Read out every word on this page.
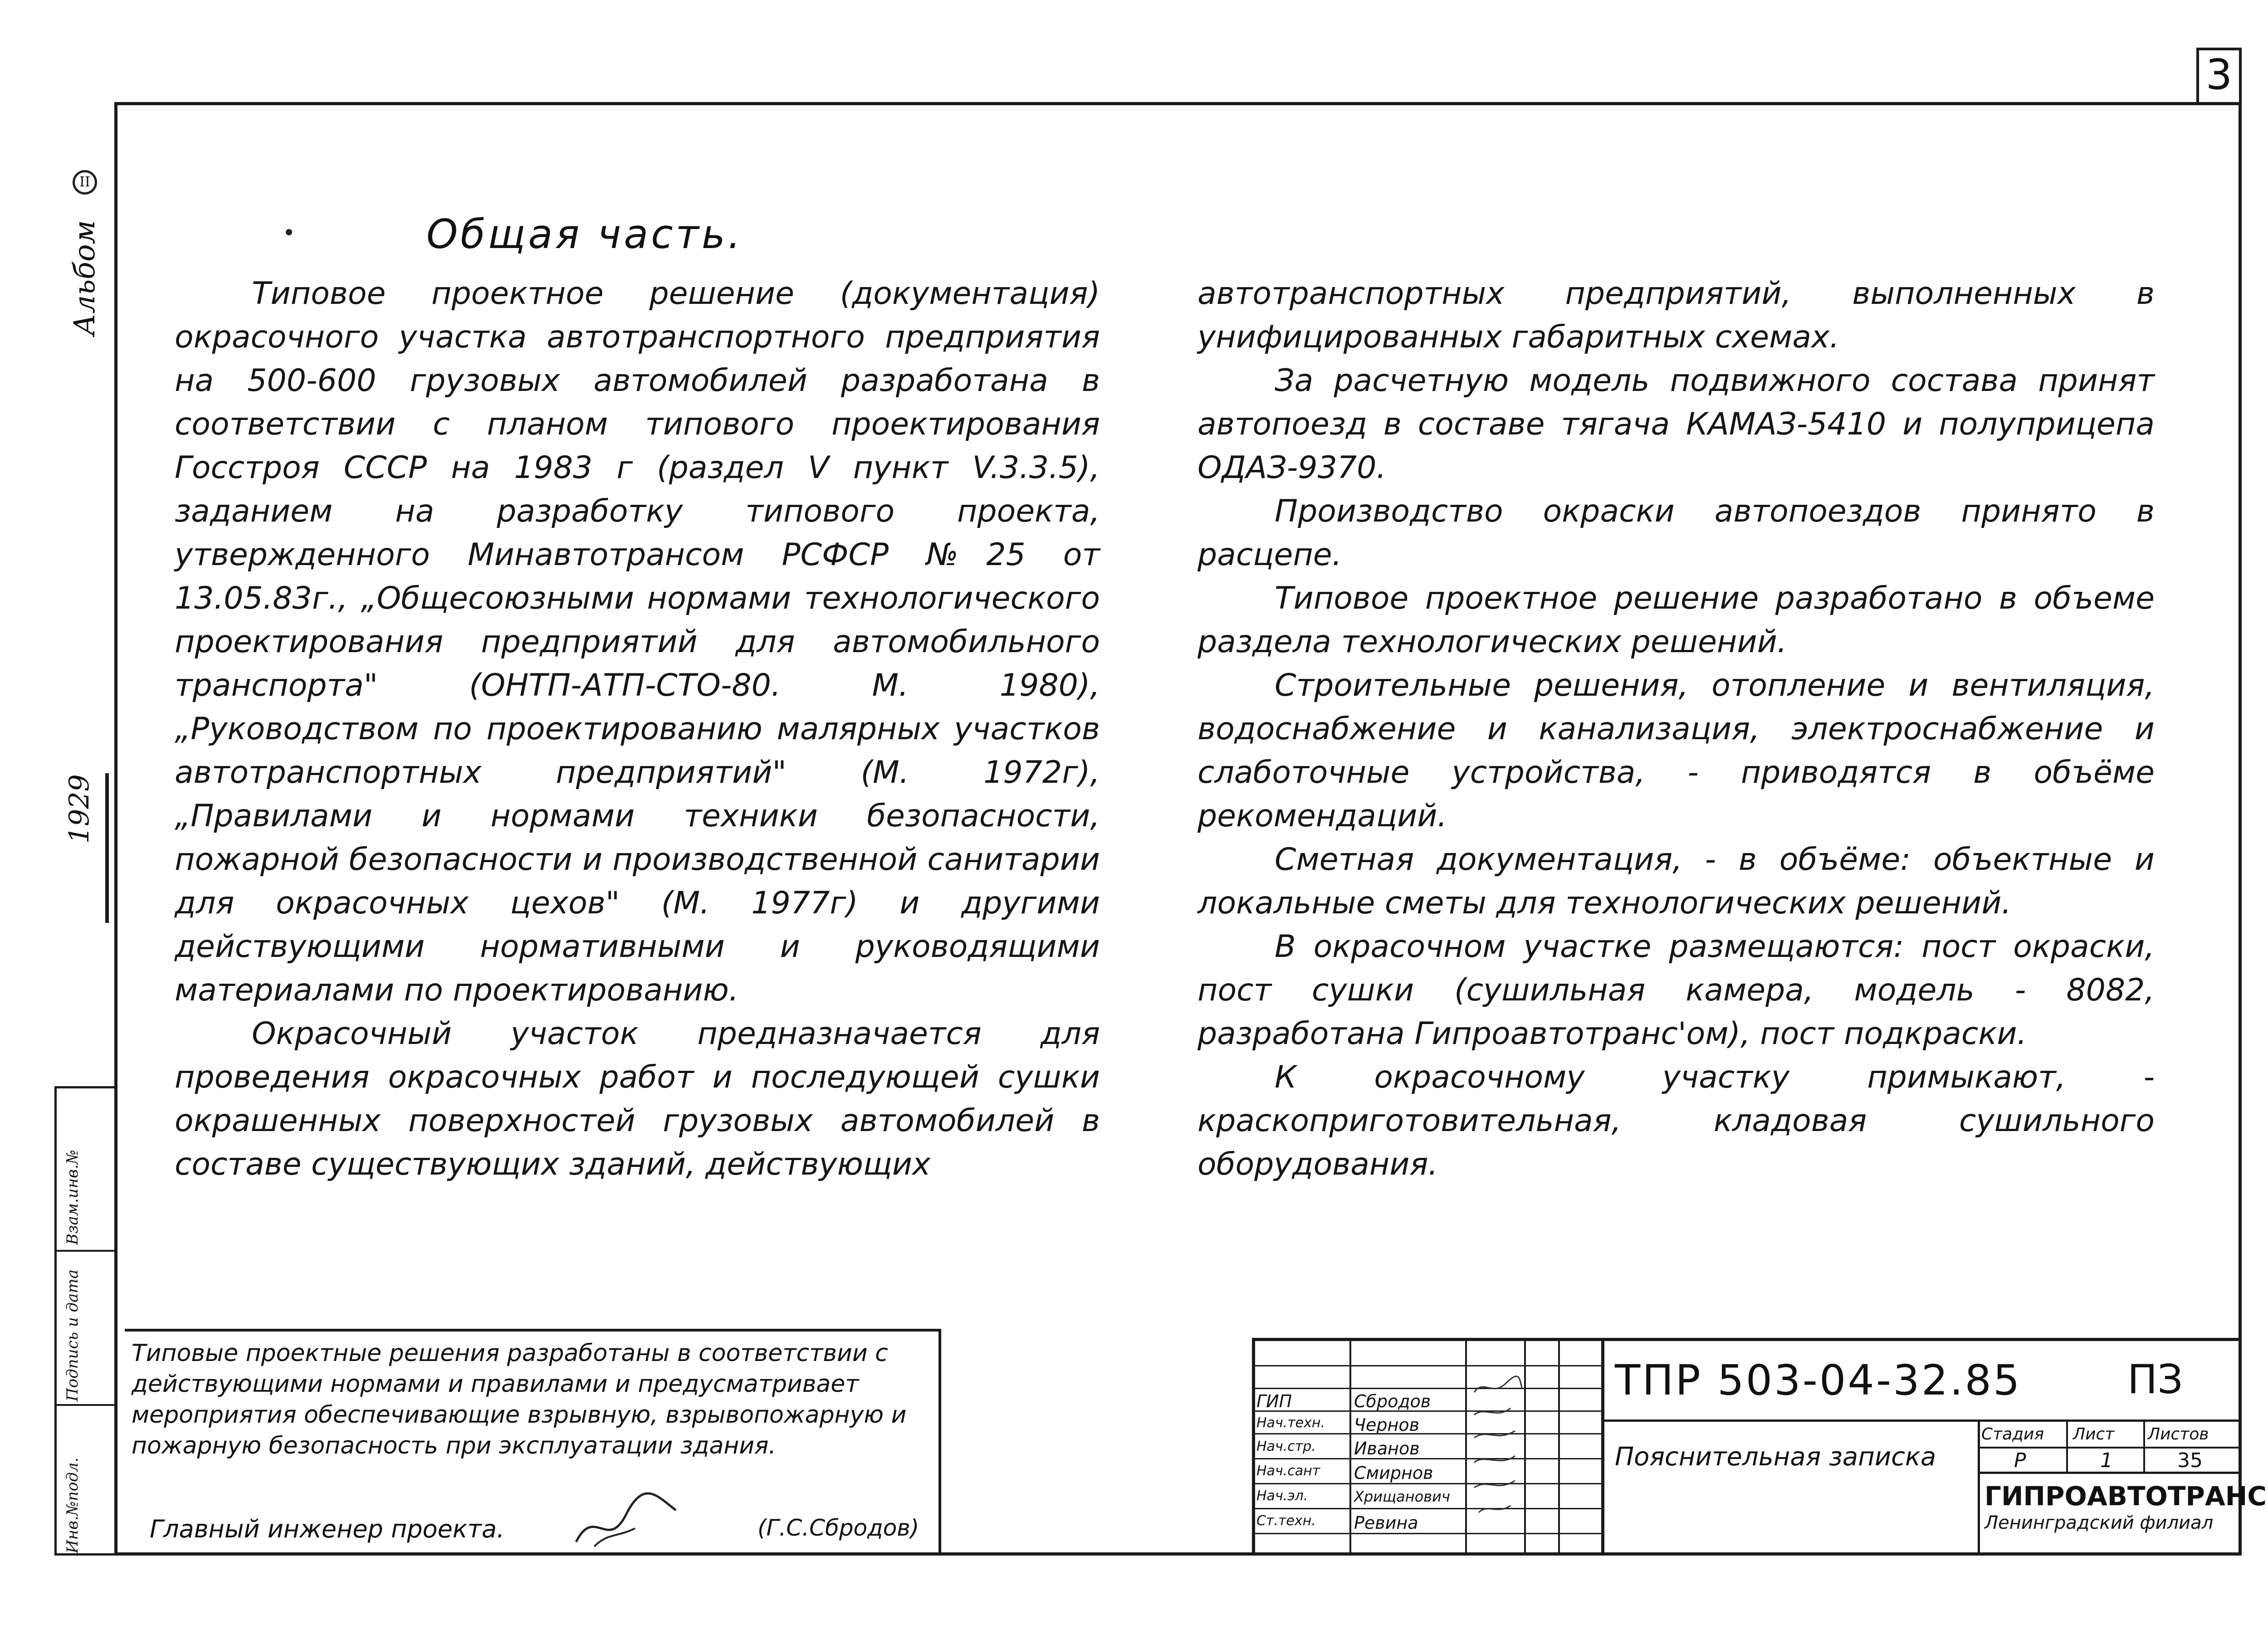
3
II
Альбом
1929
Взам.инв.№
Подпись и дата
Инв.№подл.
Общая часть.

Типовое проектное решение (документация) окрасочного участка автотранспортного предприятия на 500-600 грузовых автомобилей разработана в соответствии с планом типового проектирования Госстроя СССР на 1983 г (раздел V пункт V.3.3.5), заданием на разработку типового проекта, утвержденного Минавтотрансом РСФСР №25 от 13.05.83г., „Общесоюзными нормами технологического проектирования предприятий для автомобильного транспорта" (ОНТП-АТП-СТО-80. М. 1980), „Руководством по проектированию малярных участков автотранспортных предприятий" (М. 1972г), „Правилами и нормами техники безопасности, пожарной безопасности и производственной санитарии для окрасочных цехов" (М. 1977г) и другими действующими нормативными и руководящими материалами по проектированию.

Окрасочный участок предназначается для проведения окрасочных работ и последующей сушки окрашенных поверхностей грузовых автомобилей в составе существующих зданий, действующих

автотранспортных предприятий, выполненных в унифицированных габаритных схемах.

За расчетную модель подвижного состава принят автопоезд в составе тягача КАМАЗ-5410 и полуприцепа ОДАЗ-9370.

Производство окраски автопоездов принято в расцепе.

Типовое проектное решение разработано в объеме раздела технологических решений.

Строительные решения, отопление и вентиляция, водоснабжение и канализация, электроснабжение и слаботочные устройства, - приводятся в объёме рекомендаций.

Сметная документация, - в объёме: объектные и локальные сметы для технологических решений.

В окрасочном участке размещаются: пост окраски, пост сушки (сушильная камера, модель - 8082, разработана Гипроавтотранс'ом), пост подкраски.

К окрасочному участку примыкают, - краскоприготовительная, кладовая сушильного оборудования.

Типовые проектные решения разработаны в соответствии с действующими нормами и правилами и предусматривает мероприятия обеспечивающие взрывную, взрывопожарную и пожарную безопасность при эксплуатации здания.
Главный инженер проекта.	(Г.С.Сбродов)
ГИП	Сбродов
Нач.техн. Чернов
Нач.стр. Иванов
Нач.сант Смирнов
Нач.эл.	Хрищанович
Ст.техн. Ревина
ТПР 503-04-32.85	ПЗ
Пояснительная записка
Стадия Лист Листов
Р	1	35
ГИПРОАВТОТРАНС
Ленинградский филиал
